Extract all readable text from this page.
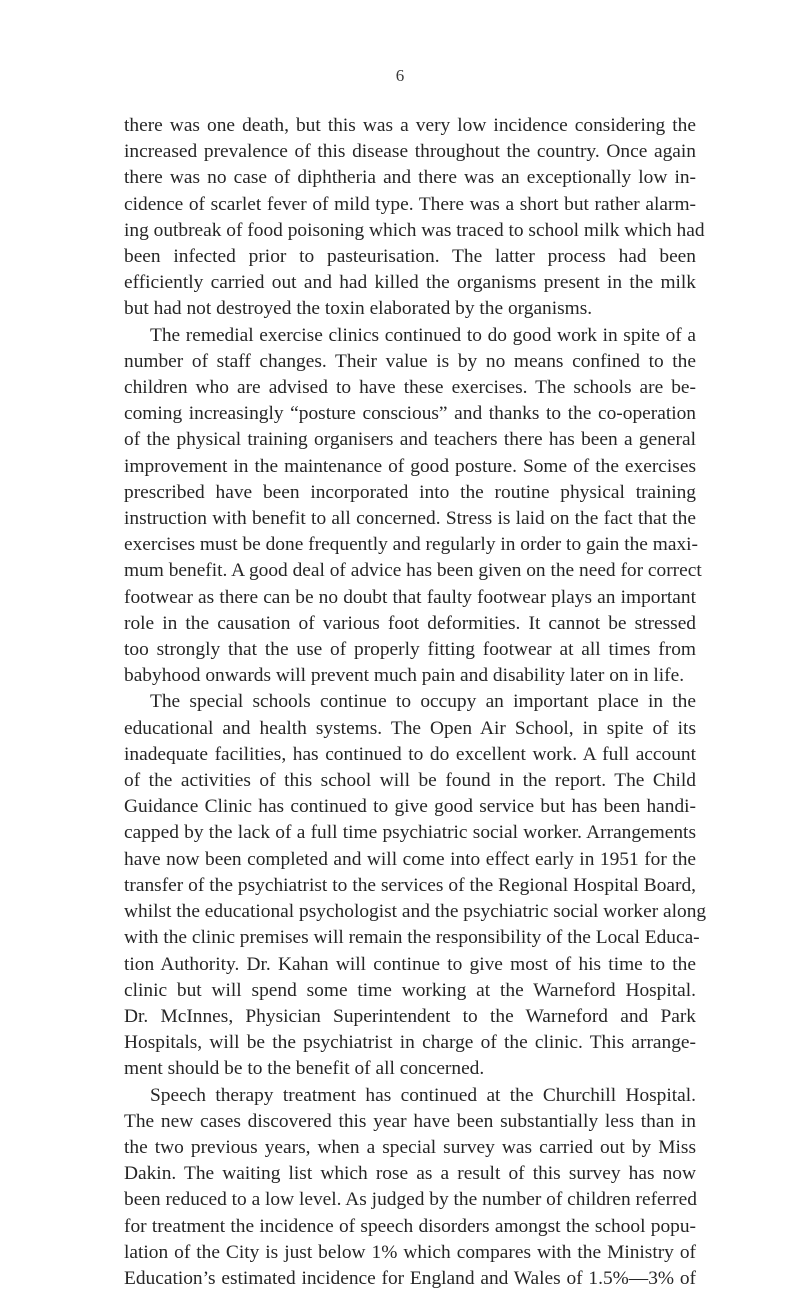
6

there was one death, but this was a very low incidence considering the
increased prevalence of this disease throughout the country. Once again
there was no case of diphtheria and there was an exceptionally low in-
cidence of scarlet fever of mild type. There was a short but rather alarm-
ing outbreak of food poisoning which was traced to school milk which had
been infected prior to pasteurisation. The latter process had been
efficiently carried out and had killed the organisms present in the milk
but had not destroyed the toxin elaborated by the organisms.

The remedial exercise clinics continued to do good work in spite of a
number of staff changes. Their value is by no means confined to the
children who are advised to have these exercises. The schools are be-
coming increasingly “posture conscious” and thanks to the co-operation
of the physical training organisers and teachers there has been a general
improvement in the maintenance of good posture. Some of the exercises
prescribed have been incorporated into the routine physical training
instruction with benefit to all concerned. Stress is laid on the fact that the
exercises must be done frequently and regularly in order to gain the maxi-
mum benefit. A good deal of advice has been given on the need for correct
footwear as there can be no doubt that faulty footwear plays an important
role in the causation of various foot deformities. It cannot be stressed
too strongly that the use of properly fitting footwear at all times from
babyhood onwards will prevent much pain and disability later on in life.

The special schools continue to occupy an important place in the
educational and health systems. The Open Air School, in spite of its
inadequate facilities, has continued to do excellent work. A full account
of the activities of this school will be found in the report. The Child
Guidance Clinic has continued to give good service but has been handi-
capped by the lack of a full time psychiatric social worker. Arrangements
have now been completed and will come into effect early in 1951 for the
transfer of the psychiatrist to the services of the Regional Hospital Board,
whilst the educational psychologist and the psychiatric social worker along
with the clinic premises will remain the responsibility of the Local Educa-
tion Authority. Dr. Kahan will continue to give most of his time to the
clinic but will spend some time working at the Warneford Hospital.
Dr. McInnes, Physician Superintendent to the Warneford and Park
Hospitals, will be the psychiatrist in charge of the clinic. This arrange-
ment should be to the benefit of all concerned.

Speech therapy treatment has continued at the Churchill Hospital.
The new cases discovered this year have been substantially less than in
the two previous years, when a special survey was carried out by Miss
Dakin. The waiting list which rose as a result of this survey has now
been reduced to a low level. As judged by the number of children referred
for treatment the incidence of speech disorders amongst the school popu-
lation of the City is just below 1% which compares with the Ministry of
Education’s estimated incidence for England and Wales of 1.5%—3% of
